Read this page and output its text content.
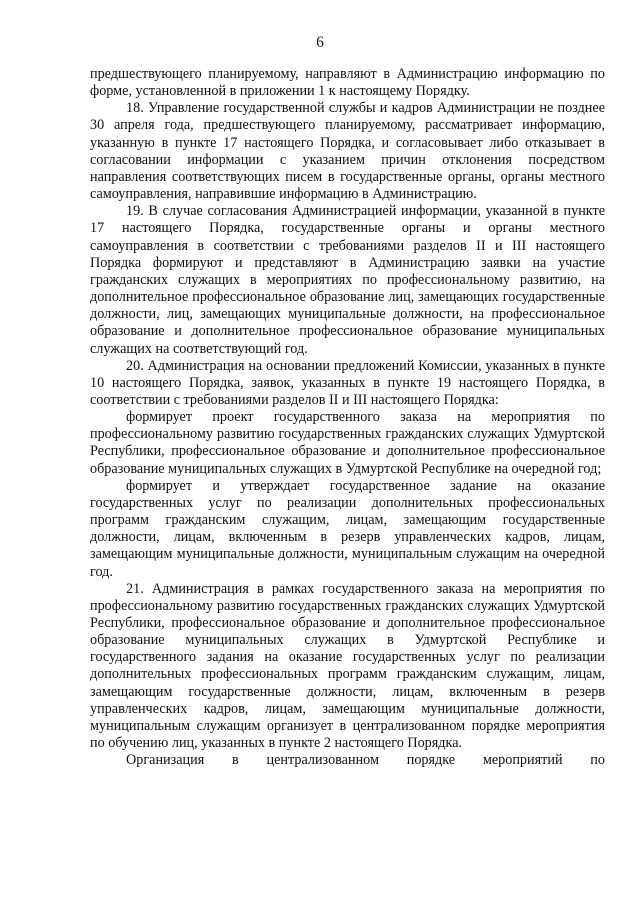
6

предшествующего планируемому, направляют в Администрацию информацию по форме, установленной в приложении 1 к настоящему Порядку.

18. Управление государственной службы и кадров Администрации не позднее 30 апреля года, предшествующего планируемому, рассматривает информацию, указанную в пункте 17 настоящего Порядка, и согласовывает либо отказывает в согласовании информации с указанием причин отклонения посредством направления соответствующих писем в государственные органы, органы местного самоуправления, направившие информацию в Администрацию.

19. В случае согласования Администрацией информации, указанной в пункте 17 настоящего Порядка, государственные органы и органы местного самоуправления в соответствии с требованиями разделов II и III настоящего Порядка формируют и представляют в Администрацию заявки на участие гражданских служащих в мероприятиях по профессиональному развитию, на дополнительное профессиональное образование лиц, замещающих государственные должности, лиц, замещающих муниципальные должности, на профессиональное образование и дополнительное профессиональное образование муниципальных служащих на соответствующий год.

20. Администрация на основании предложений Комиссии, указанных в пункте 10 настоящего Порядка, заявок, указанных в пункте 19 настоящего Порядка, в соответствии с требованиями разделов II и III настоящего Порядка:

формирует проект государственного заказа на мероприятия по профессиональному развитию государственных гражданских служащих Удмуртской Республики, профессиональное образование и дополнительное профессиональное образование муниципальных служащих в Удмуртской Республике на очередной год;

формирует и утверждает государственное задание на оказание государственных услуг по реализации дополнительных профессиональных программ гражданским служащим, лицам, замещающим государственные должности, лицам, включенным в резерв управленческих кадров, лицам, замещающим муниципальные должности, муниципальным служащим на очередной год.

21. Администрация в рамках государственного заказа на мероприятия по профессиональному развитию государственных гражданских служащих Удмуртской Республики, профессиональное образование и дополнительное профессиональное образование муниципальных служащих в Удмуртской Республике и государственного задания на оказание государственных услуг по реализации дополнительных профессиональных программ гражданским служащим, лицам, замещающим государственные должности, лицам, включенным в резерв управленческих кадров, лицам, замещающим муниципальные должности, муниципальным служащим организует в централизованном порядке мероприятия по обучению лиц, указанных в пункте 2 настоящего Порядка.

Организация в централизованном порядке мероприятий по
